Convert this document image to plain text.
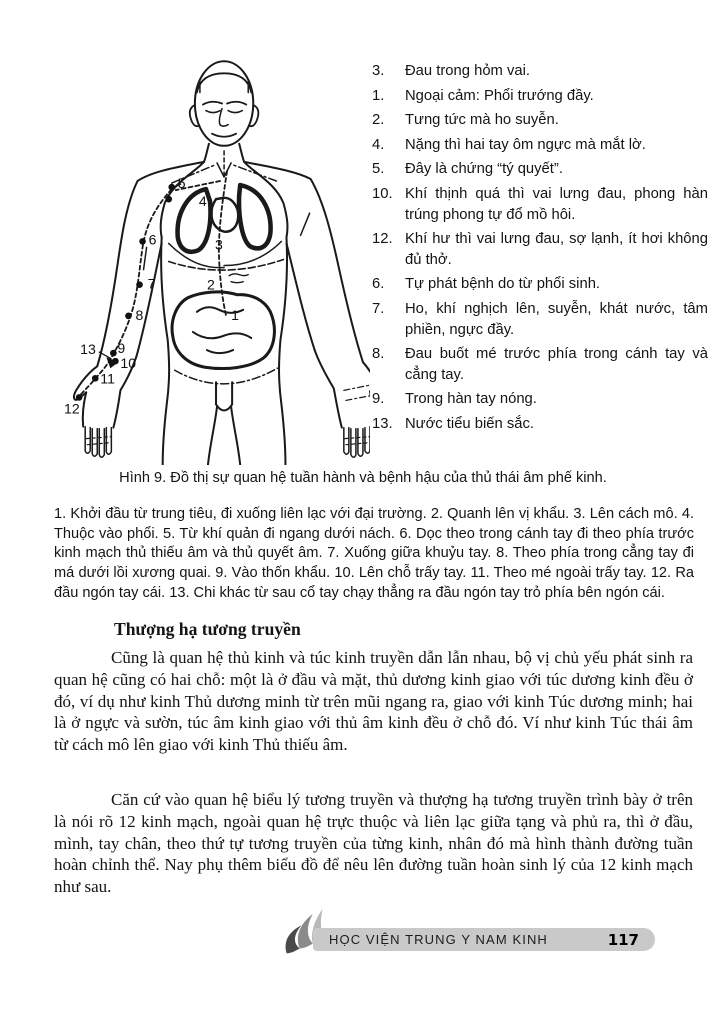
1
2
3
4
5
6
7
8
9
10
11
12
13
3.	Đau trong hỏm vai.
1.	Ngoại cảm: Phổi trướng đầy.
2.	Tưng tức mà ho suyễn.
4.	Nặng thì hai tay ôm ngực mà mắt lờ.
5.	Đây là chứng “tý quyết”.
10. Khí thịnh quá thì vai lưng đau, phong hàn trúng phong tự đổ mồ hôi.
12. Khí hư thì vai lưng đau, sợ lạnh, ít hơi không đủ thở.
6.	Tự phát bệnh do từ phổi sinh.
7.	Ho, khí nghịch lên, suyễn, khát nước, tâm phiền, ngực đầy.
8.	Đau buốt mé trước phía trong cánh tay và cẳng tay.
9.	Trong hàn tay nóng.
13. Nước tiểu biến sắc.
Hình 9. Đồ thị sự quan hệ tuần hành và bệnh hậu của thủ thái âm phế kinh.
1. Khởi đầu từ trung tiêu, đi xuống liên lạc với đại trường. 2. Quanh lên vị khẩu. 3. Lên cách mô. 4. Thuộc vào phổi. 5. Từ khí quản đi ngang dưới nách. 6. Dọc theo trong cánh tay đi theo phía trước kinh mạch thủ thiếu âm và thủ quyết âm. 7. Xuống giữa khuỷu tay. 8. Theo phía trong cẳng tay đi má dưới lồi xương quai. 9. Vào thốn khẩu. 10. Lên chỗ trấy tay. 11. Theo mé ngoài trấy tay. 12. Ra đầu ngón tay cái. 13. Chi khác từ sau cổ tay chạy thẳng ra đầu ngón tay trỏ phía bên ngón cái.
Thượng hạ tương truyền
Cũng là quan hệ thủ kinh và túc kinh truyền dẫn lẫn nhau, bộ vị chủ yếu phát sinh ra quan hệ cũng có hai chỗ: một là ở đầu và mặt, thủ dương kinh giao với túc dương kinh đều ở đó, ví dụ như kinh Thủ dương minh từ trên mũi ngang ra, giao với kinh Túc dương minh; hai là ở ngực và sườn, túc âm kinh giao với thủ âm kinh đều ở chỗ đó. Ví như kinh Túc thái âm từ cách mô lên giao với kinh Thủ thiếu âm.
Căn cứ vào quan hệ biểu lý tương truyền và thượng hạ tương truyền trình bày ở trên là nói rõ 12 kinh mạch, ngoài quan hệ trực thuộc và liên lạc giữa tạng và phủ ra, thì ở đầu, mình, tay chân, theo thứ tự tương truyền của từng kinh, nhân đó mà hình thành đường tuần hoàn chỉnh thể. Nay phụ thêm biểu đồ để nêu lên đường tuần hoàn sinh lý của 12 kinh mạch như sau.
HỌC VIỆN TRUNG Y NAM KINH	117
